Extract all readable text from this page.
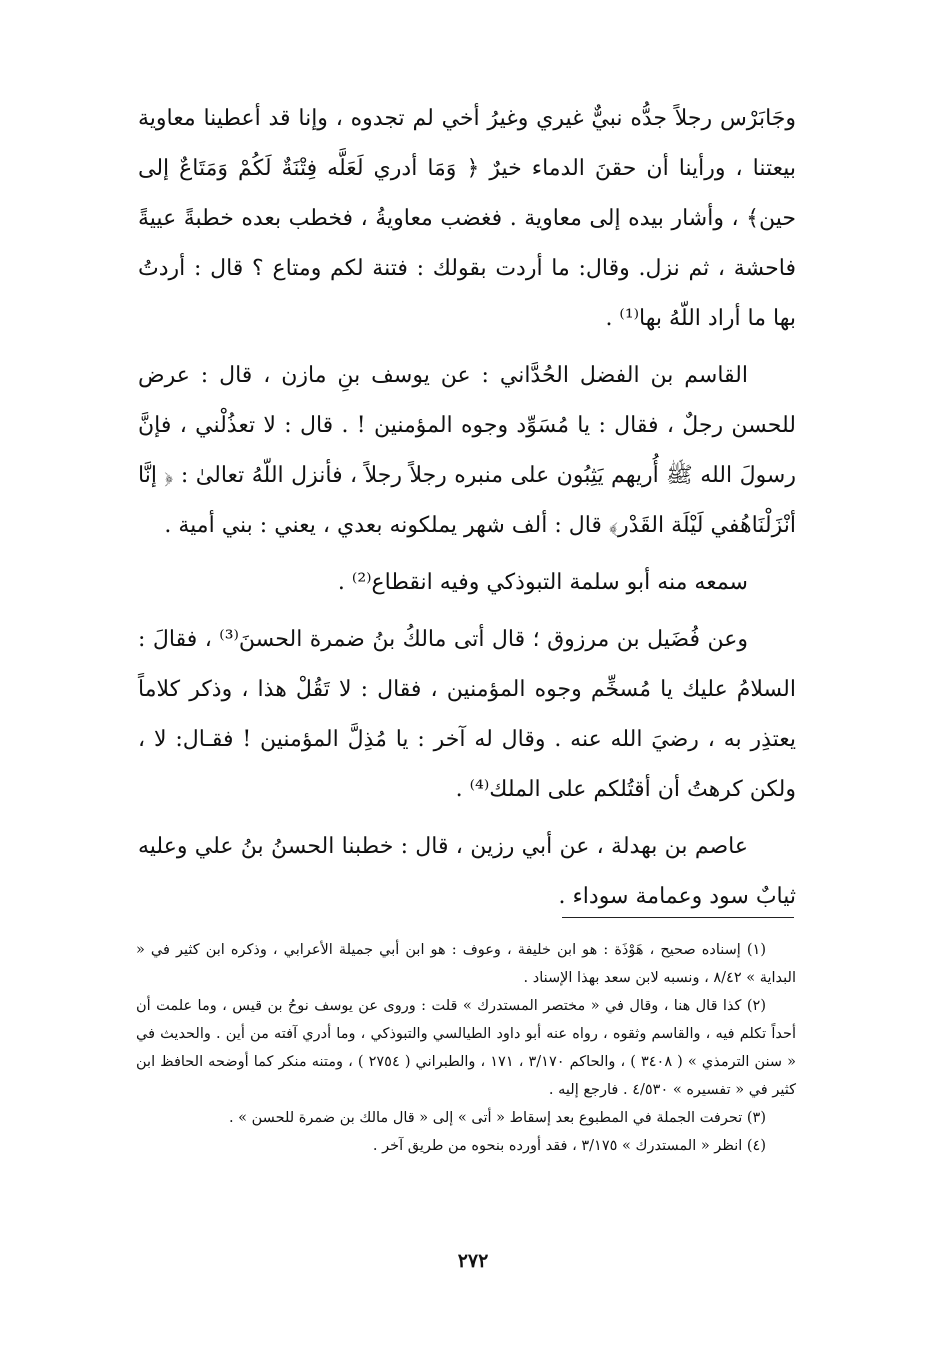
وجَابَرْس رجلاً جدُّه نبيٌّ غيري وغيرُ أخي لم تجدوه ، وإنا قد أعطينا معاوية بيعتنا ، ورأينا أن حقنَ الدماء خيرٌ ﴿ وَمَا أدري لَعَلَّه فِتْنَةٌ لَكُمْ وَمَتَاعٌ إلى حين﴾ ، وأشار بيده إلى معاوية . فغضب معاويةُ ، فخطب بعده خطبةً عييةً فاحشة ، ثم نزل. وقال: ما أردت بقولك : فتنة لكم ومتاع ؟ قال : أردتُ بها ما أراد اللّهُ بها⁽¹⁾ .

القاسم بن الفضل الحُدَّاني : عن يوسف بنِ مازن ، قال : عرض للحسن رجلٌ ، فقال : يا مُسَوِّد وجوه المؤمنين ! . قال : لا تعذُلْني ، فإنَّ رسولَ الله ﷺ أُريهم يَثِبُون على منبره رجلاً رجلاً ، فأنزل اللّهُ تعالىٰ : ﴿ إنَّا أنْزَلْنَاهُفي لَيْلَة القَدْر﴾ قال : ألف شهر يملكونه بعدي ، يعني : بني أمية .

سمعه منه أبو سلمة التبوذكي وفيه انقطاع⁽²⁾ .

وعن فُضَيل بن مرزوق ؛ قال أتى مالكُ بنُ ضمرة الحسنَ⁽³⁾ ، فقالَ : السلامُ عليك يا مُسخِّم وجوه المؤمنين ، فقال : لا تَقُلْ هذا ، وذكر كلاماً يعتذِر به ، رضيَ الله عنه . وقال له آخر : يا مُذِلَّ المؤمنين ! فقـال: لا ، ولكن كرهتُ أن أقتُلكم على الملك⁽⁴⁾ .

عاصم بن بهدلة ، عن أبي رزين ، قال : خطبنا الحسنُ بنُ علي وعليه ثيابٌ سود وعمامة سوداء .

(١) إسناده صحيح ، هَوْذَة : هو ابن خليفة ، وعوف : هو ابن أبي جميلة الأعرابي ، وذكره ابن كثير في « البداية » ٨/٤٢ ، ونسبه لابن سعد بهذا الإسناد .

(٢) كذا قال هنا ، وقال في « مختصر المستدرك » قلت : وروى عن يوسف نوحُ بن قيس ، وما علمت أن أحداً تكلم فيه ، والقاسم وثقوه ، رواه عنه أبو داود الطيالسي والتبوذكي ، وما أدري آفته من أين . والحديث في « سنن الترمذي » ( ٣٤٠٨ ) ، والحاكم ٣/١٧٠ ، ١٧١ ، والطبراني ( ٢٧٥٤ ) ، ومتنه منكر كما أوضحه الحافظ ابن كثير في « تفسيره » ٤/٥٣٠ . فارجع إليه .

(٣) تحرفت الجملة في المطبوع بعد إسقاط « أتى » إلى « قال مالك بن ضمرة للحسن » .

(٤) انظر « المستدرك » ٣/١٧٥ ، فقد أورده بنحوه من طريق آخر .

٢٧٢
